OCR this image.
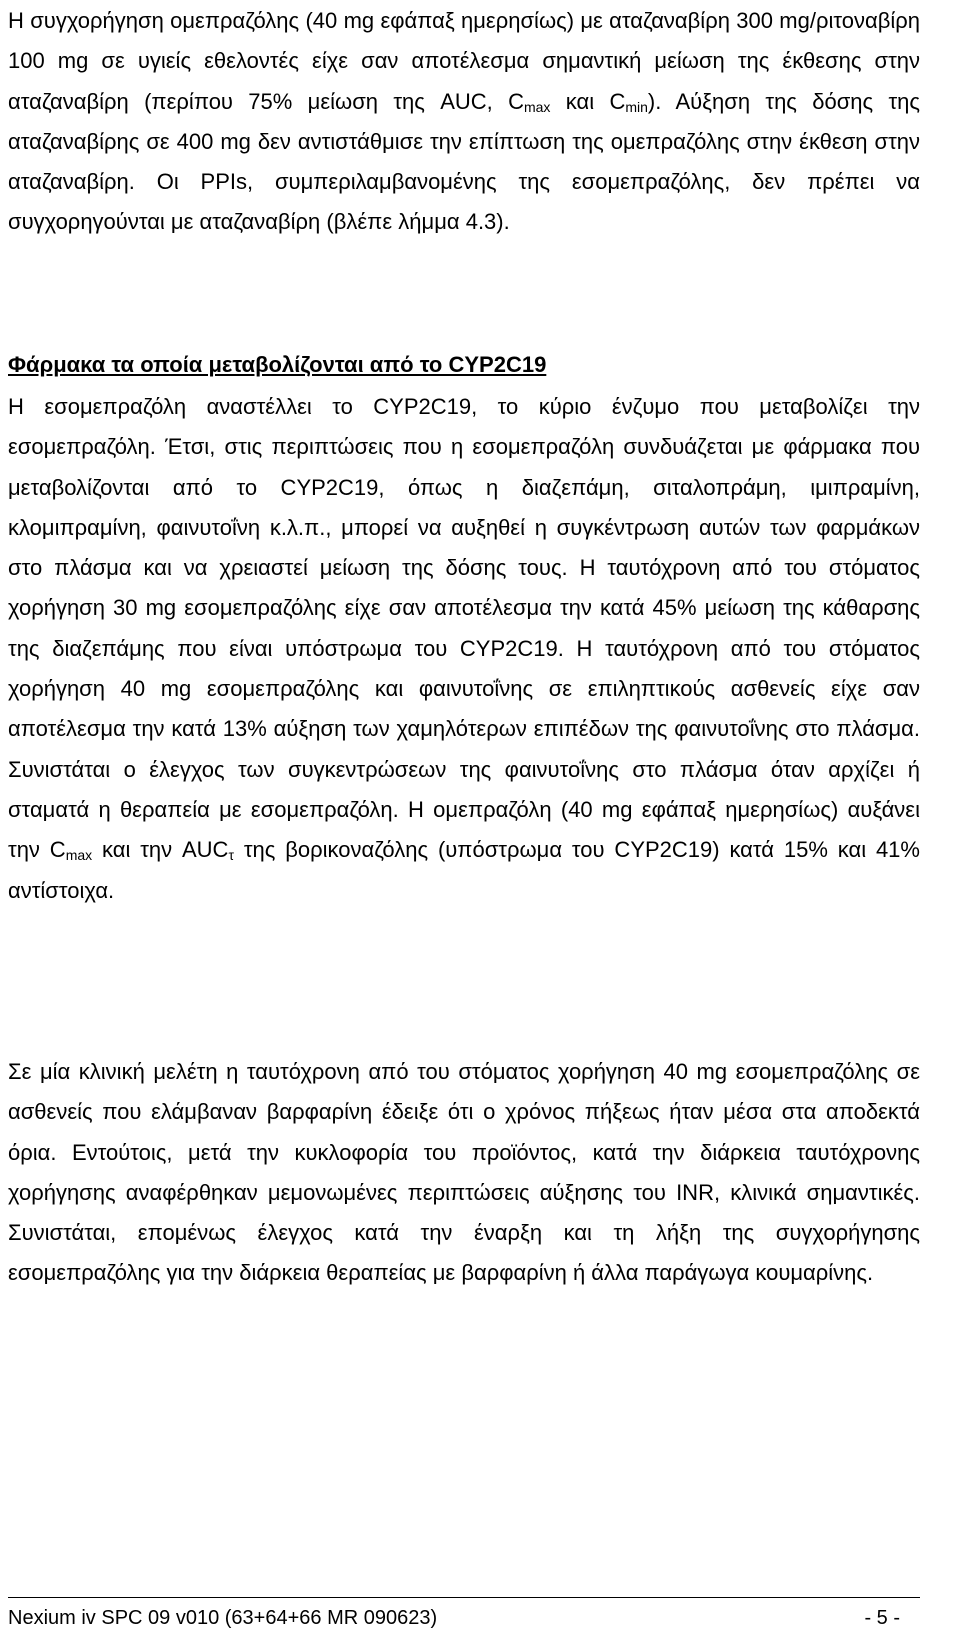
Η συγχορήγηση ομεπραζόλης (40 mg εφάπαξ ημερησίως) με αταζαναβίρη 300 mg/ριτοναβίρη 100 mg σε υγιείς εθελοντές είχε σαν αποτέλεσμα σημαντική μείωση της έκθεσης στην αταζαναβίρη (περίπου 75% μείωση της AUC, $C_{max}$ και $C_{min}$). Αύξηση της δόσης της αταζαναβίρης σε 400 mg δεν αντιστάθμισε την επίπτωση της ομεπραζόλης στην έκθεση στην αταζαναβίρη. Οι PPIs, συμπεριλαμβανομένης της εσομεπραζόλης, δεν πρέπει να συγχορηγούνται με αταζαναβίρη (βλέπε λήμμα 4.3).

Φάρμακα τα οποία μεταβολίζονται από το CYP2C19

Η εσομεπραζόλη αναστέλλει το CYP2C19, το κύριο ένζυμο που μεταβολίζει την εσομεπραζόλη. Έτσι, στις περιπτώσεις που η εσομεπραζόλη συνδυάζεται με φάρμακα που μεταβολίζονται από το CYP2C19, όπως η διαζεπάμη, σιταλοπράμη, ιμιπραμίνη, κλομιπραμίνη, φαινυτοΐνη κ.λ.π., μπορεί να αυξηθεί η συγκέντρωση αυτών των φαρμάκων στο πλάσμα και να χρειαστεί μείωση της δόσης τους. Η ταυτόχρονη από του στόματος χορήγηση 30 mg εσομεπραζόλης είχε σαν αποτέλεσμα την κατά 45% μείωση της κάθαρσης της διαζεπάμης που είναι υπόστρωμα του CYP2C19. Η ταυτόχρονη από του στόματος χορήγηση 40 mg εσομεπραζόλης και φαινυτοΐνης σε επιληπτικούς ασθενείς είχε σαν αποτέλεσμα την κατά 13% αύξηση των χαμηλότερων επιπέδων της φαινυτοΐνης στο πλάσμα. Συνιστάται ο έλεγχος των συγκεντρώσεων της φαινυτοΐνης στο πλάσμα όταν αρχίζει ή σταματά η θεραπεία με εσομεπραζόλη. Η ομεπραζόλη (40 mg εφάπαξ ημερησίως) αυξάνει την $C_{max}$ και την $AUC_\tau$ της βορικοναζόλης (υπόστρωμα του CYP2C19) κατά 15% και 41% αντίστοιχα.

Σε μία κλινική μελέτη η ταυτόχρονη από του στόματος χορήγηση 40 mg εσομεπραζόλης σε ασθενείς που ελάμβαναν βαρφαρίνη έδειξε ότι ο χρόνος πήξεως ήταν μέσα στα αποδεκτά όρια. Εντούτοις, μετά την κυκλοφορία του προϊόντος, κατά την διάρκεια ταυτόχρονης χορήγησης αναφέρθηκαν μεμονωμένες περιπτώσεις αύξησης του INR, κλινικά σημαντικές. Συνιστάται, επομένως έλεγχος κατά την έναρξη και τη λήξη της συγχορήγησης εσομεπραζόλης για την διάρκεια θεραπείας με βαρφαρίνη ή άλλα παράγωγα κουμαρίνης.

Nexium iv SPC 09 v010 (63+64+66 MR 090623)	- 5 -
